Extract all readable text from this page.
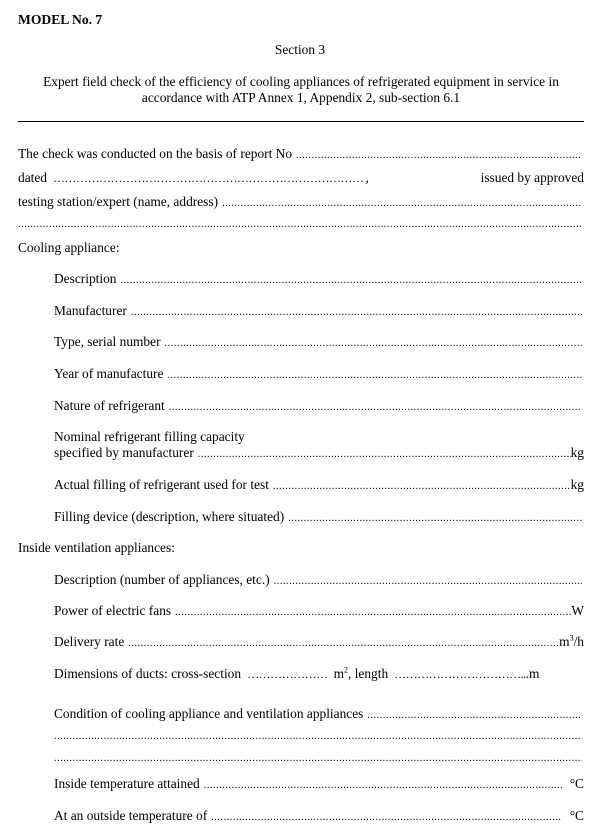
MODEL No. 7
Section 3
Expert field check of the efficiency of cooling appliances of refrigerated equipment in service in accordance with ATP Annex 1, Appendix 2, sub-section 6.1
The check was conducted on the basis of report No
.....
dated ………………………………………………………………………	,	issued by approved
testing station/expert (name, address)
.....
.....
Cooling appliance:
Description
.....
Manufacturer
.....
Type, serial number
.....
Year of manufacture
.....
Nature of refrigerant
.....
Nominal refrigerant filling capacity
specified by manufacturer .....	kg
Actual filling of refrigerant used for test .....	kg
Filling device (description, where situated)
.....
Inside ventilation appliances:
Description (number of appliances, etc.)
.....
Power of electric fans .....	W
Delivery rate .....	$m^3/h$
Dimensions of ducts: cross-section …………………	$m^2$ , length ……………………………..	.m
Condition of cooling appliance and ventilation appliances
.....
.....
.....
Inside temperature attained .....	°C
At an outside temperature of .....	°C
